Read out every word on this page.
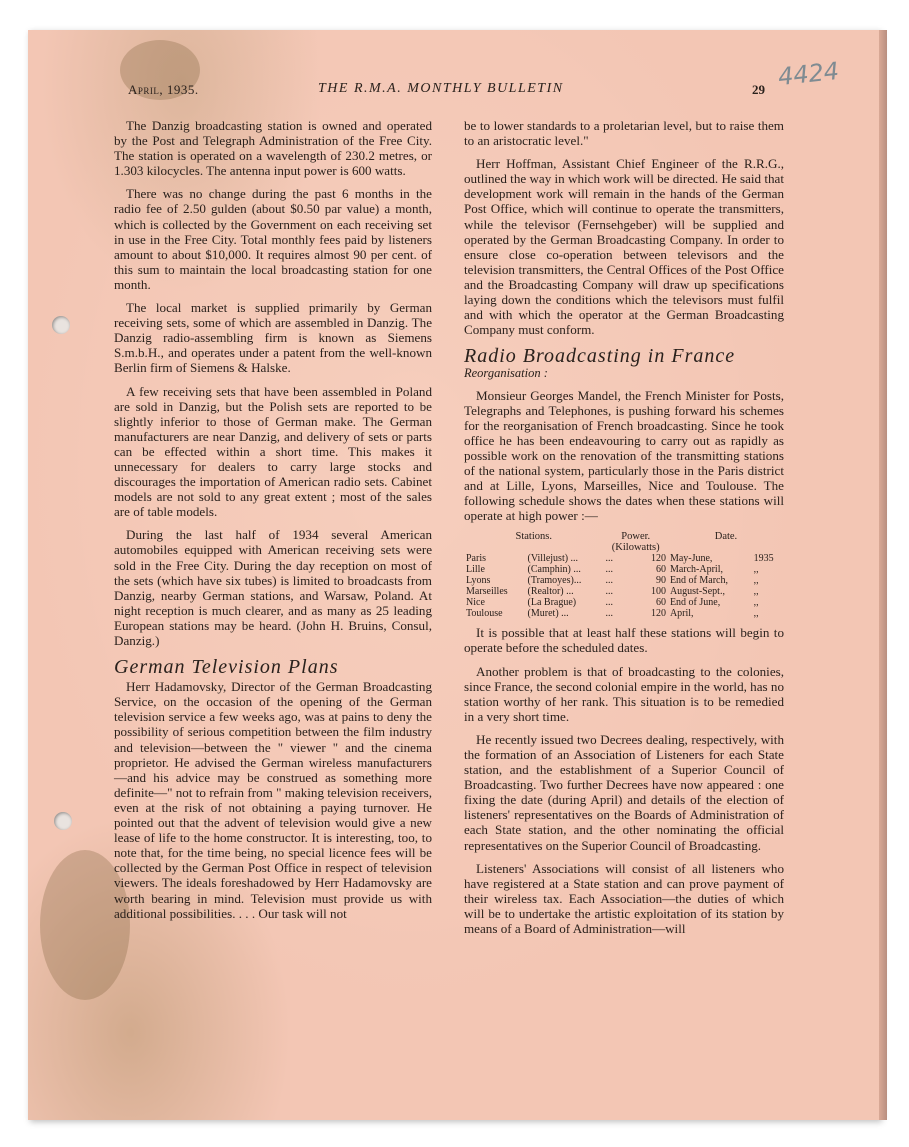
April, 1935.	THE R.M.A. MONTHLY BULLETIN	29 4424

The Danzig broadcasting station is owned and operated by the Post and Telegraph Administration of the Free City. The station is operated on a wavelength of 230.2 metres, or 1.303 kilocycles. The antenna input power is 600 watts.

There was no change during the past 6 months in the radio fee of 2.50 gulden (about $0.50 par value) a month, which is collected by the Government on each receiving set in use in the Free City. Total monthly fees paid by listeners amount to about $10,000. It requires almost 90 per cent. of this sum to maintain the local broadcasting station for one month.

The local market is supplied primarily by German receiving sets, some of which are assembled in Danzig. The Danzig radio-assembling firm is known as Siemens S.m.b.H., and operates under a patent from the well-known Berlin firm of Siemens & Halske.

A few receiving sets that have been assembled in Poland are sold in Danzig, but the Polish sets are reported to be slightly inferior to those of German make. The German manufacturers are near Danzig, and delivery of sets or parts can be effected within a short time. This makes it unnecessary for dealers to carry large stocks and discourages the importation of American radio sets. Cabinet models are not sold to any great extent ; most of the sales are of table models.

During the last half of 1934 several American automobiles equipped with American receiving sets were sold in the Free City. During the day reception on most of the sets (which have six tubes) is limited to broadcasts from Danzig, nearby German stations, and Warsaw, Poland. At night reception is much clearer, and as many as 25 leading European stations may be heard. (John H. Bruins, Consul, Danzig.)

German Television Plans

Herr Hadamovsky, Director of the German Broadcasting Service, on the occasion of the opening of the German television service a few weeks ago, was at pains to deny the possibility of serious competition between the film industry and television—between the " viewer " and the cinema proprietor. He advised the German wireless manufacturers—and his advice may be construed as something more definite—" not to refrain from " making television receivers, even at the risk of not obtaining a paying turnover. He pointed out that the advent of television would give a new lease of life to the home constructor. It is interesting, too, to note that, for the time being, no special licence fees will be collected by the German Post Office in respect of television viewers. The ideals foreshadowed by Herr Hadamovsky are worth bearing in mind. Television must provide us with additional possibilities. . . . Our task will not

be to lower standards to a proletarian level, but to raise them to an aristocratic level."

Herr Hoffman, Assistant Chief Engineer of the R.R.G., outlined the way in which work will be directed. He said that development work will remain in the hands of the German Post Office, which will continue to operate the transmitters, while the televisor (Fernsehgeber) will be supplied and operated by the German Broadcasting Company. In order to ensure close co-operation between televisors and the television transmitters, the Central Offices of the Post Office and the Broadcasting Company will draw up specifications laying down the conditions which the televisors must fulfil and with which the operator at the German Broadcasting Company must conform.

Radio Broadcasting in France
Reorganisation :

Monsieur Georges Mandel, the French Minister for Posts, Telegraphs and Telephones, is pushing forward his schemes for the reorganisation of French broadcasting. Since he took office he has been endeavouring to carry out as rapidly as possible work on the renovation of the transmitting stations of the national system, particularly those in the Paris district and at Lille, Lyons, Marseilles, Nice and Toulouse. The following schedule shows the dates when these stations will operate at high power :—

Stations.		Power.		Date.	
		(Kilowatts)			
Paris	(Villejust) ...	...	120	May-June,	1935
Lille	(Camphin) ...	...	60	March-April,	,,
Lyons	(Tramoyes)...	...	90	End of March,	,,
Marseilles	(Realtor) ...	...	100	August-Sept.,	,,
Nice	(La Brague)	...	60	End of June,	,,
Toulouse	(Muret) ...	...	120	April,	,,

It is possible that at least half these stations will begin to operate before the scheduled dates.

Another problem is that of broadcasting to the colonies, since France, the second colonial empire in the world, has no station worthy of her rank. This situation is to be remedied in a very short time.

He recently issued two Decrees dealing, respectively, with the formation of an Association of Listeners for each State station, and the establishment of a Superior Council of Broadcasting. Two further Decrees have now appeared : one fixing the date (during April) and details of the election of listeners' representatives on the Boards of Administration of each State station, and the other nominating the official representatives on the Superior Council of Broadcasting.

Listeners' Associations will consist of all listeners who have registered at a State station and can prove payment of their wireless tax. Each Association—the duties of which will be to undertake the artistic exploitation of its station by means of a Board of Administration—will
